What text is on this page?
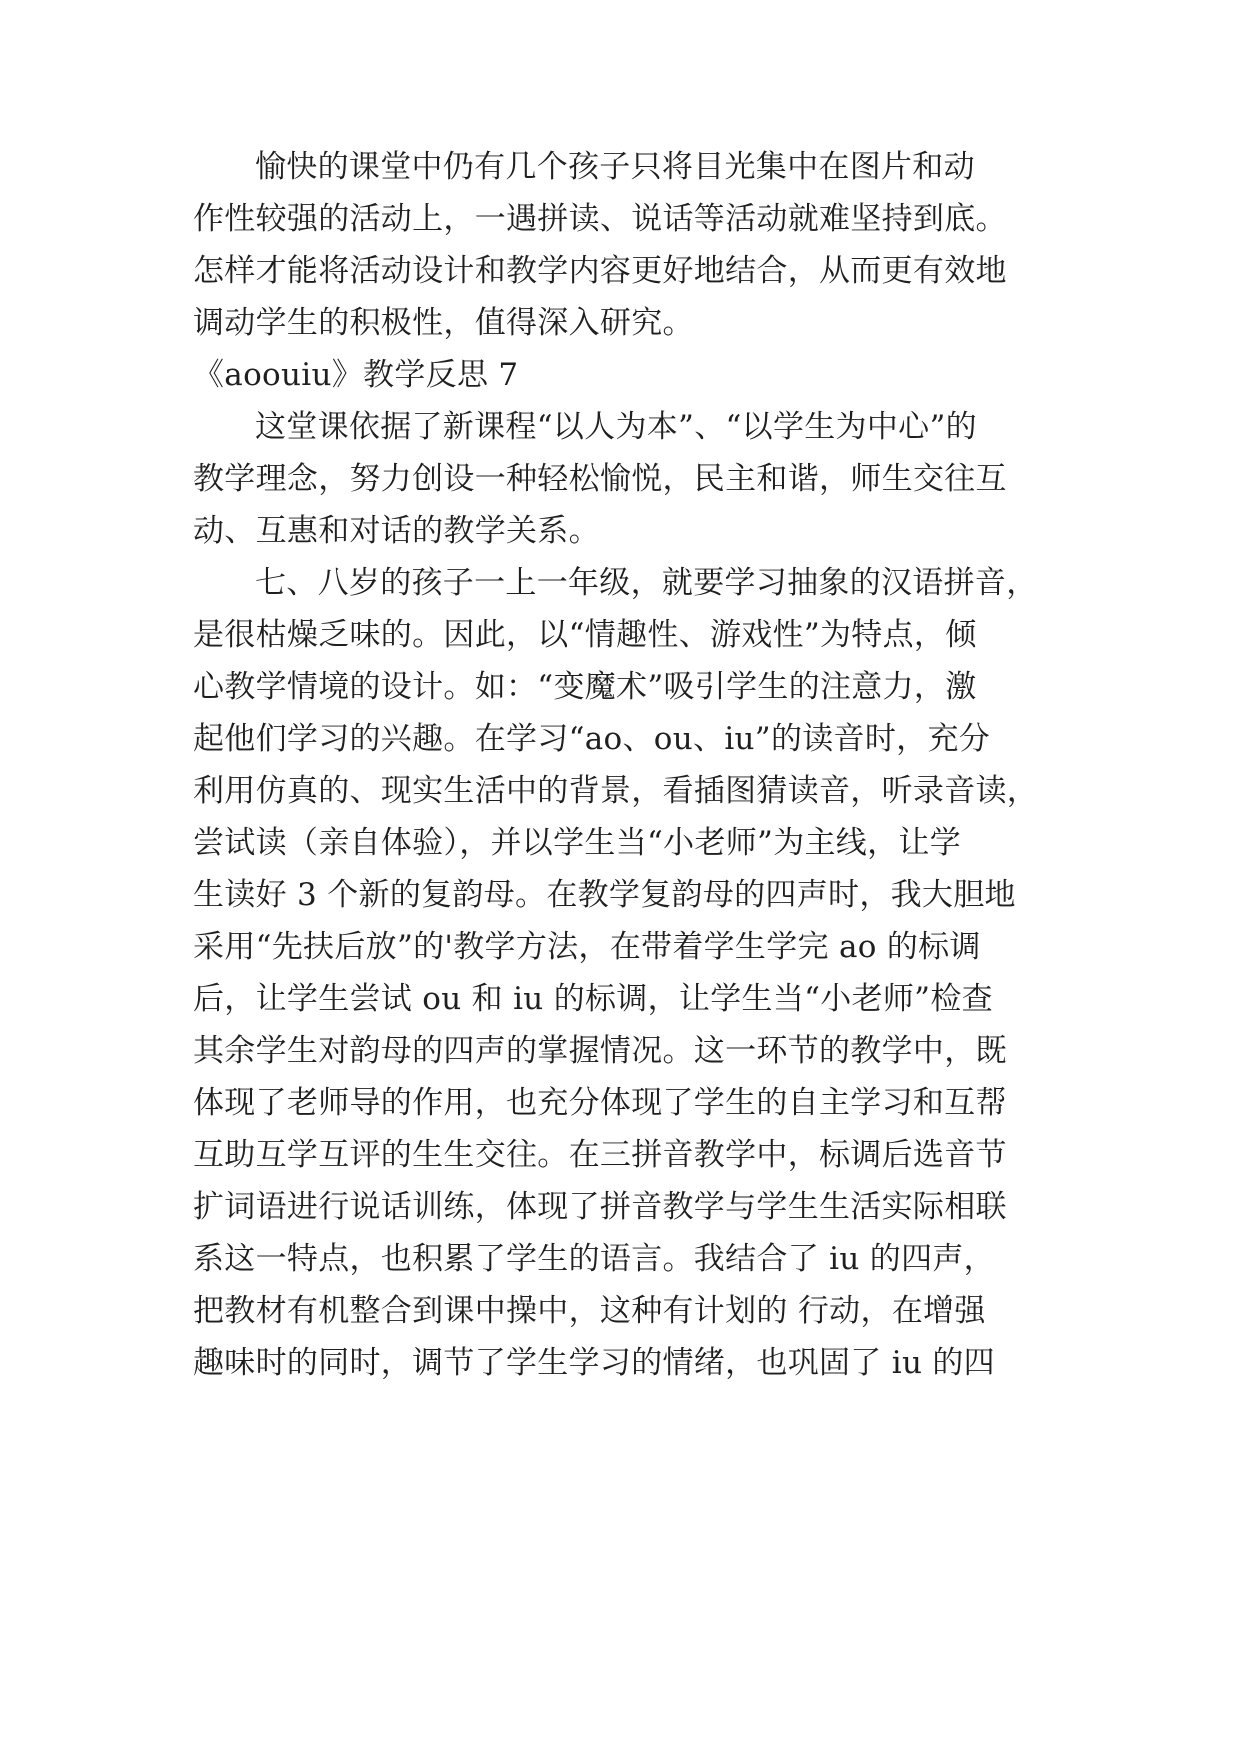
愉快的课堂中仍有几个孩子只将目光集中在图片和动
作性较强的活动上，一遇拼读、说话等活动就难坚持到底。
怎样才能将活动设计和教学内容更好地结合，从而更有效地
调动学生的积极性，值得深入研究。
《aoouiu》教学反思 7
这堂课依据了新课程“以人为本”、“以学生为中心”的
教学理念，努力创设一种轻松愉悦，民主和谐，师生交往互
动、互惠和对话的教学关系。
七、八岁的孩子一上一年级，就要学习抽象的汉语拼音，
是很枯燥乏味的。因此，以“情趣性、游戏性”为特点，倾
心教学情境的设计。如：“变魔术”吸引学生的注意力，激
起他们学习的兴趣。在学习“ao、ou、iu”的读音时，充分
利用仿真的、现实生活中的背景，看插图猜读音，听录音读，
尝试读（亲自体验），并以学生当“小老师”为主线，让学
生读好 3 个新的复韵母。在教学复韵母的四声时，我大胆地
采用“先扶后放”的'教学方法，在带着学生学完 ao 的标调
后，让学生尝试 ou 和 iu 的标调，让学生当“小老师”检查
其余学生对韵母的四声的掌握情况。这一环节的教学中，既
体现了老师导的作用，也充分体现了学生的自主学习和互帮
互助互学互评的生生交往。在三拼音教学中，标调后选音节
扩词语进行说话训练，体现了拼音教学与学生生活实际相联
系这一特点，也积累了学生的语言。我结合了 iu 的四声，
把教材有机整合到课中操中，这种有计划的 行动，在增强
趣味时的同时，调节了学生学习的情绪，也巩固了 iu 的四
